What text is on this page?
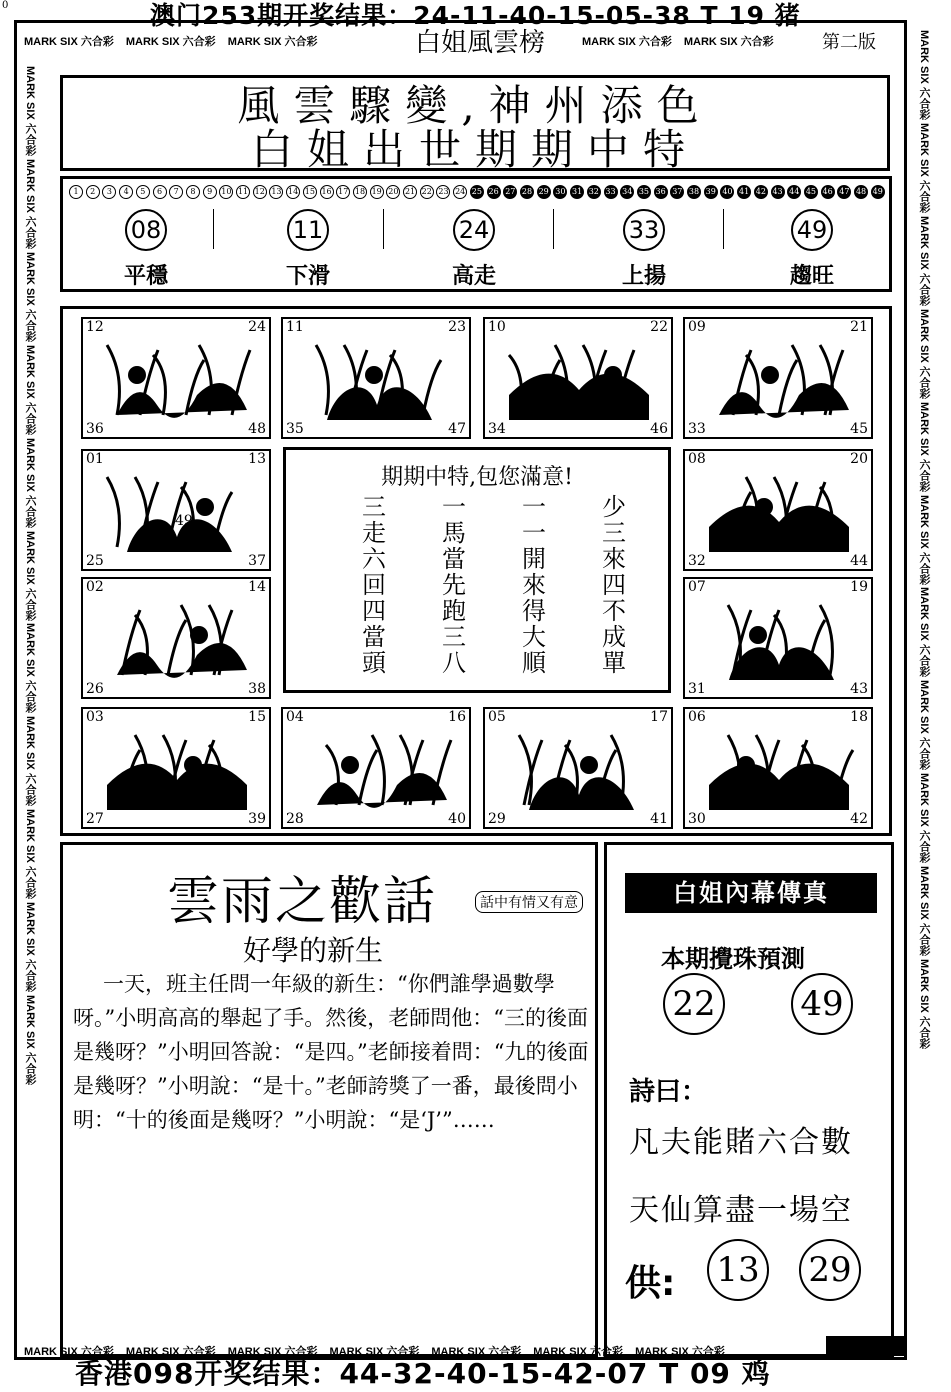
0	澳门253期开奖结果：24-11-40-15-05-38 T 19 猪
MARK SIX 六合彩 MARK SIX 六合彩 MARK SIX 六合彩	白姐風雲榜	MARK SIX 六合彩 MARK SIX 六合彩	第二版
MARK SIX 六合彩 MARK SIX 六合彩 MARK SIX 六合彩 MARK SIX 六合彩 MARK SIX 六合彩 MARK SIX 六合彩 MARK SIX 六合彩 MARK SIX 六合彩 MARK SIX 六合彩 MARK SIX 六合彩 MARK SIX 六合彩
MARK SIX 六合彩 MARK SIX 六合彩 MARK SIX 六合彩 MARK SIX 六合彩 MARK SIX 六合彩 MARK SIX 六合彩 MARK SIX 六合彩 MARK SIX 六合彩 MARK SIX 六合彩 MARK SIX 六合彩 MARK SIX 六合彩
風雲驟變,神州添色
白姐出世期期中特
1	2	3	4	5	6	7	8	9	10 11 12 13 14 15 16 17 18 19 20 21 22 23 24 25 26 27 28 29 30 31 32 33 34 35 36 37 38 39 40 41 42 43 44 45 46 47 48 49
08
平穩
11
下滑
24
高走
33
上揚
49
趨旺
期期中特,包您滿意!
三
走
六
回
四
當
頭
一
馬
當
先
跑
三
八
一
一
開
來
得
大
順
少
三
來
四
不
成
單
12	24
36	48
11	23
35	47
10	22
34	46
09	21
33	45
01	13
25	37
49
08	20
32	44
02	14
26	38
07	19
31	43
03	15
27	39
04	16
28	40
05	17
29	41
06	18
30	42
雲雨之歡話	話中有情又有意
好學的新生
一天，班主任問一年級的新生：“你們誰學過數學呀。”小明高高的舉起了手。然後，老師問他：“三的後面是幾呀？”小明回答說：“是四。”老師接着問：“九的後面是幾呀？”小明說：“是十。”老師誇獎了一番，最後問小明：“十的後面是幾呀？”小明說：“是‘J’”……
白姐內幕傳真
本期攪珠預測
22 49
詩曰：
凡夫能賭六合數
天仙算盡一場空
供: 13 29
MARK SIX 六合彩 MARK SIX 六合彩 MARK SIX 六合彩 MARK SIX 六合彩 MARK SIX 六合彩 MARK SIX 六合彩 MARK SIX 六合彩
香港098开奖结果：44-32-40-15-42-07 T 09 鸡
